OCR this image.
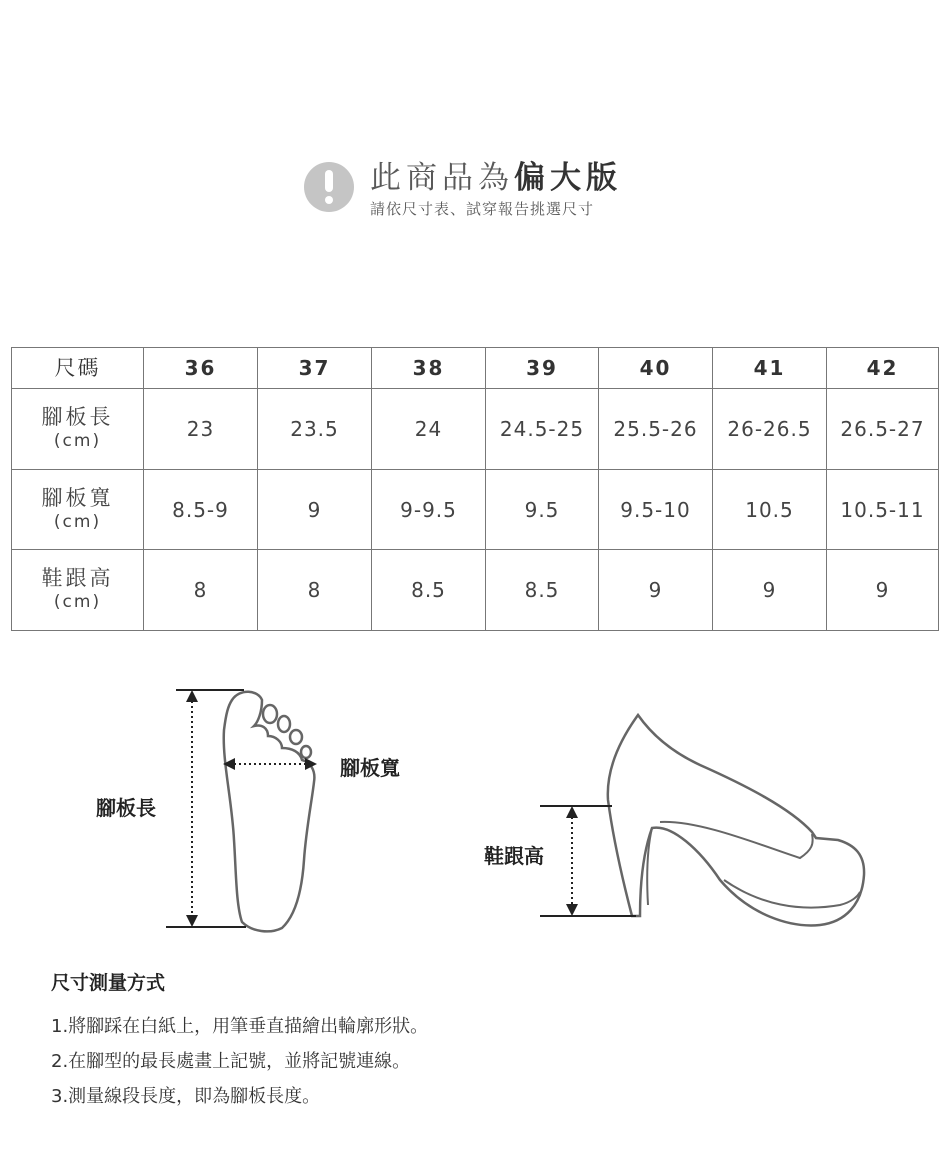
此商品為偏大版
請依尺寸表、試穿報告挑選尺寸
尺碼	36	37	38	39	40	41	42
腳板長
(cm)	23	23.5	24	24.5-25	25.5-26	26-26.5	26.5-27
腳板寬
(cm)	8.5-9	9	9-9.5	9.5	9.5-10	10.5	10.5-11
鞋跟高
(cm)	8	8	8.5	8.5	9	9	9
腳板長
腳板寬
鞋跟高
尺寸測量方式
1.將腳踩在白紙上，用筆垂直描繪出輪廓形狀。
2.在腳型的最長處畫上記號，並將記號連線。
3.測量線段長度，即為腳板長度。
